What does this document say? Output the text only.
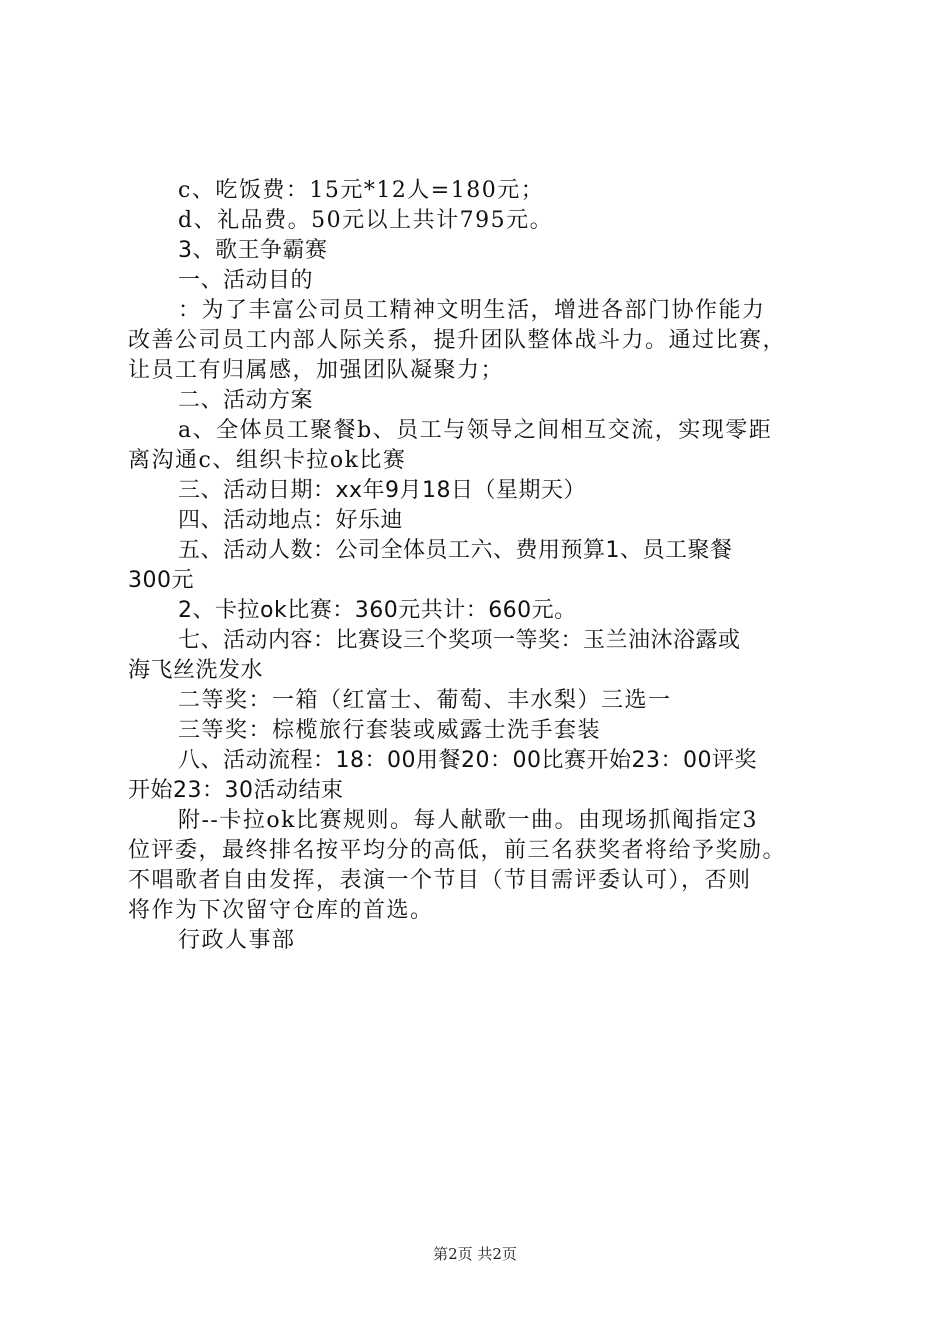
c、吃饭费：15元*12人=180元；
d、礼品费。50元以上共计795元。
3、歌王争霸赛
一、活动目的
：为了丰富公司员工精神文明生活，增进各部门协作能力
改善公司员工内部人际关系，提升团队整体战斗力。通过比赛，
让员工有归属感，加强团队凝聚力；
二、活动方案
a、全体员工聚餐b、员工与领导之间相互交流，实现零距
离沟通c、组织卡拉ok比赛
三、活动日期：xx年9月18日（星期天）
四、活动地点：好乐迪
五、活动人数：公司全体员工六、费用预算1、员工聚餐
300元
2、卡拉ok比赛：360元共计：660元。
七、活动内容：比赛设三个奖项一等奖：玉兰油沐浴露或
海飞丝洗发水
二等奖：一箱（红富士、葡萄、丰水梨）三选一
三等奖：棕榄旅行套装或威露士洗手套装
八、活动流程：18：00用餐20：00比赛开始23：00评奖
开始23：30活动结束
附--卡拉ok比赛规则。每人献歌一曲。由现场抓阄指定3
位评委，最终排名按平均分的高低，前三名获奖者将给予奖励。
不唱歌者自由发挥，表演一个节目（节目需评委认可），否则
将作为下次留守仓库的首选。
行政人事部
第2页 共2页
